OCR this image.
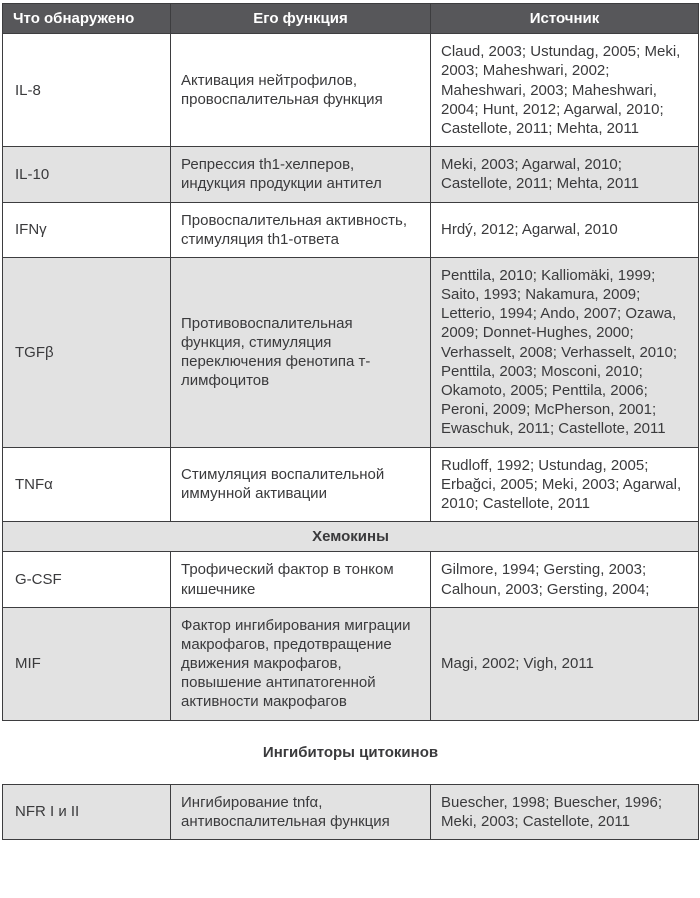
Что обнаружено	Его функция	Источник
IL-8	Активация нейтрофилов, провоспалительная функция	Claud, 2003; Ustundag, 2005; Meki, 2003; Maheshwari, 2002; Maheshwari, 2003; Maheshwari, 2004; Hunt, 2012; Agarwal, 2010; Castellote, 2011; Mehta, 2011
IL-10	Репрессия th1-хелперов, индукция продукции антител	Meki, 2003; Agarwal, 2010; Castellote, 2011; Mehta, 2011
IFNγ	Провоспалительная активность, стимуляция th1-ответа	Hrdý, 2012; Agarwal, 2010
TGFβ	Противовоспалительная функция, стимуляция переключения фенотипа т-лимфоцитов	Penttila, 2010; Kalliomäki, 1999; Saito, 1993; Nakamura, 2009; Letterio, 1994; Ando, 2007; Ozawa, 2009; Donnet-Hughes, 2000; Verhasselt, 2008; Verhasselt, 2010; Penttila, 2003; Mosconi, 2010; Okamoto, 2005; Penttila, 2006; Peroni, 2009; McPherson, 2001; Ewaschuk, 2011; Castellote, 2011
TNFα	Стимуляция воспалительной иммунной активации	Rudloff, 1992; Ustundag, 2005; Erbağci, 2005; Meki, 2003; Agarwal, 2010; Castellote, 2011
Хемокины		
G-CSF	Трофический фактор в тонком кишечнике	Gilmore, 1994; Gersting, 2003; Calhoun, 2003; Gersting, 2004;
MIF	Фактор ингибирования миграции макрофагов, предотвращение движения макрофагов, повышение антипатогенной активности макрофагов	Magi, 2002; Vigh, 2011
Ингибиторы цитокинов		
NFR I и II	Ингибирование tnfα, антивоспалительная функция	Buescher, 1998; Buescher, 1996; Meki, 2003; Castellote, 2011
